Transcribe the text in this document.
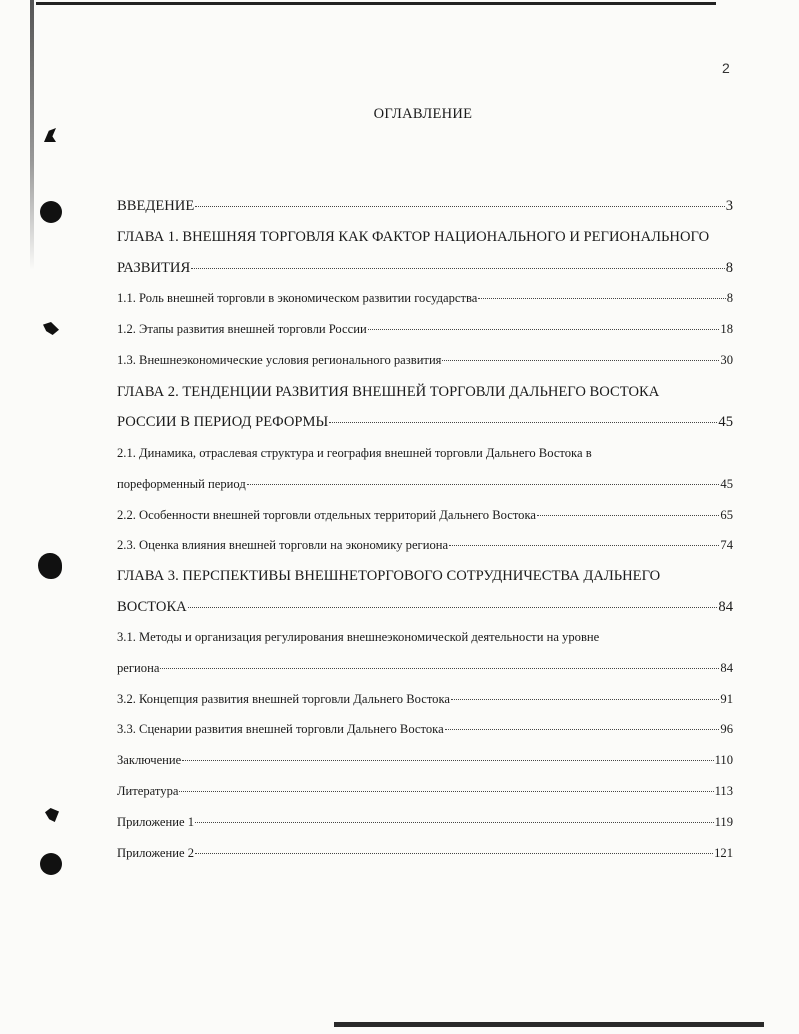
2
ОГЛАВЛЕНИЕ
ВВЕДЕНИЕ	3
ГЛАВА 1. ВНЕШНЯЯ ТОРГОВЛЯ КАК ФАКТОР НАЦИОНАЛЬНОГО И РЕГИОНАЛЬНОГО
РАЗВИТИЯ	8
1.1. Роль внешней торговли в экономическом развитии государства	8
1.2. Этапы развития внешней торговли России	18
1.3. Внешнеэкономические условия регионального развития	30
ГЛАВА 2. ТЕНДЕНЦИИ РАЗВИТИЯ ВНЕШНЕЙ ТОРГОВЛИ ДАЛЬНЕГО ВОСТОКА
РОССИИ В ПЕРИОД РЕФОРМЫ	45
2.1. Динамика, отраслевая структура и география внешней торговли Дальнего Востока в
пореформенный период	45
2.2. Особенности внешней торговли отдельных территорий Дальнего Востока	65
2.3. Оценка влияния внешней торговли на экономику региона	74
ГЛАВА 3. ПЕРСПЕКТИВЫ ВНЕШНЕТОРГОВОГО СОТРУДНИЧЕСТВА ДАЛЬНЕГО
ВОСТОКА	84
3.1. Методы и организация регулирования внешнеэкономической деятельности на уровне
региона	84
3.2. Концепция развития внешней торговли Дальнего Востока	91
3.3. Сценарии развития внешней торговли Дальнего Востока	96
Заключение	110
Литература	113
Приложение 1	119
Приложение 2	121
